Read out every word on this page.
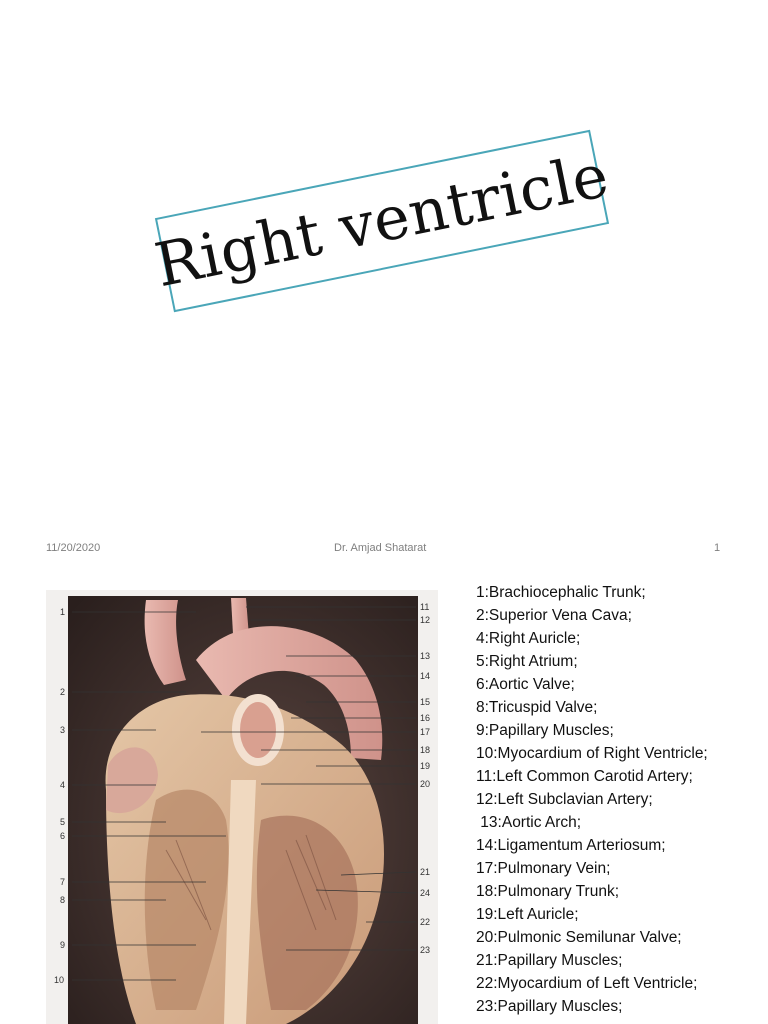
Right ventricle
11/20/2020	Dr. Amjad Shatarat	1
1
2
3
4
5
6
7
8
9
10
11
12
13
14
15
16
17
18
19
20
21
24
22
23
1:Brachiocephalic Trunk;
2:Superior Vena Cava;
4:Right Auricle;
5:Right Atrium;
6:Aortic Valve;
8:Tricuspid Valve;
9:Papillary Muscles;
10:Myocardium of Right Ventricle;
11:Left Common Carotid Artery;
12:Left Subclavian Artery;
13:Aortic Arch;
14:Ligamentum Arteriosum;
17:Pulmonary Vein;
18:Pulmonary Trunk;
19:Left Auricle;
20:Pulmonic Semilunar Valve;
21:Papillary Muscles;
22:Myocardium of Left Ventricle;
23:Papillary Muscles;
